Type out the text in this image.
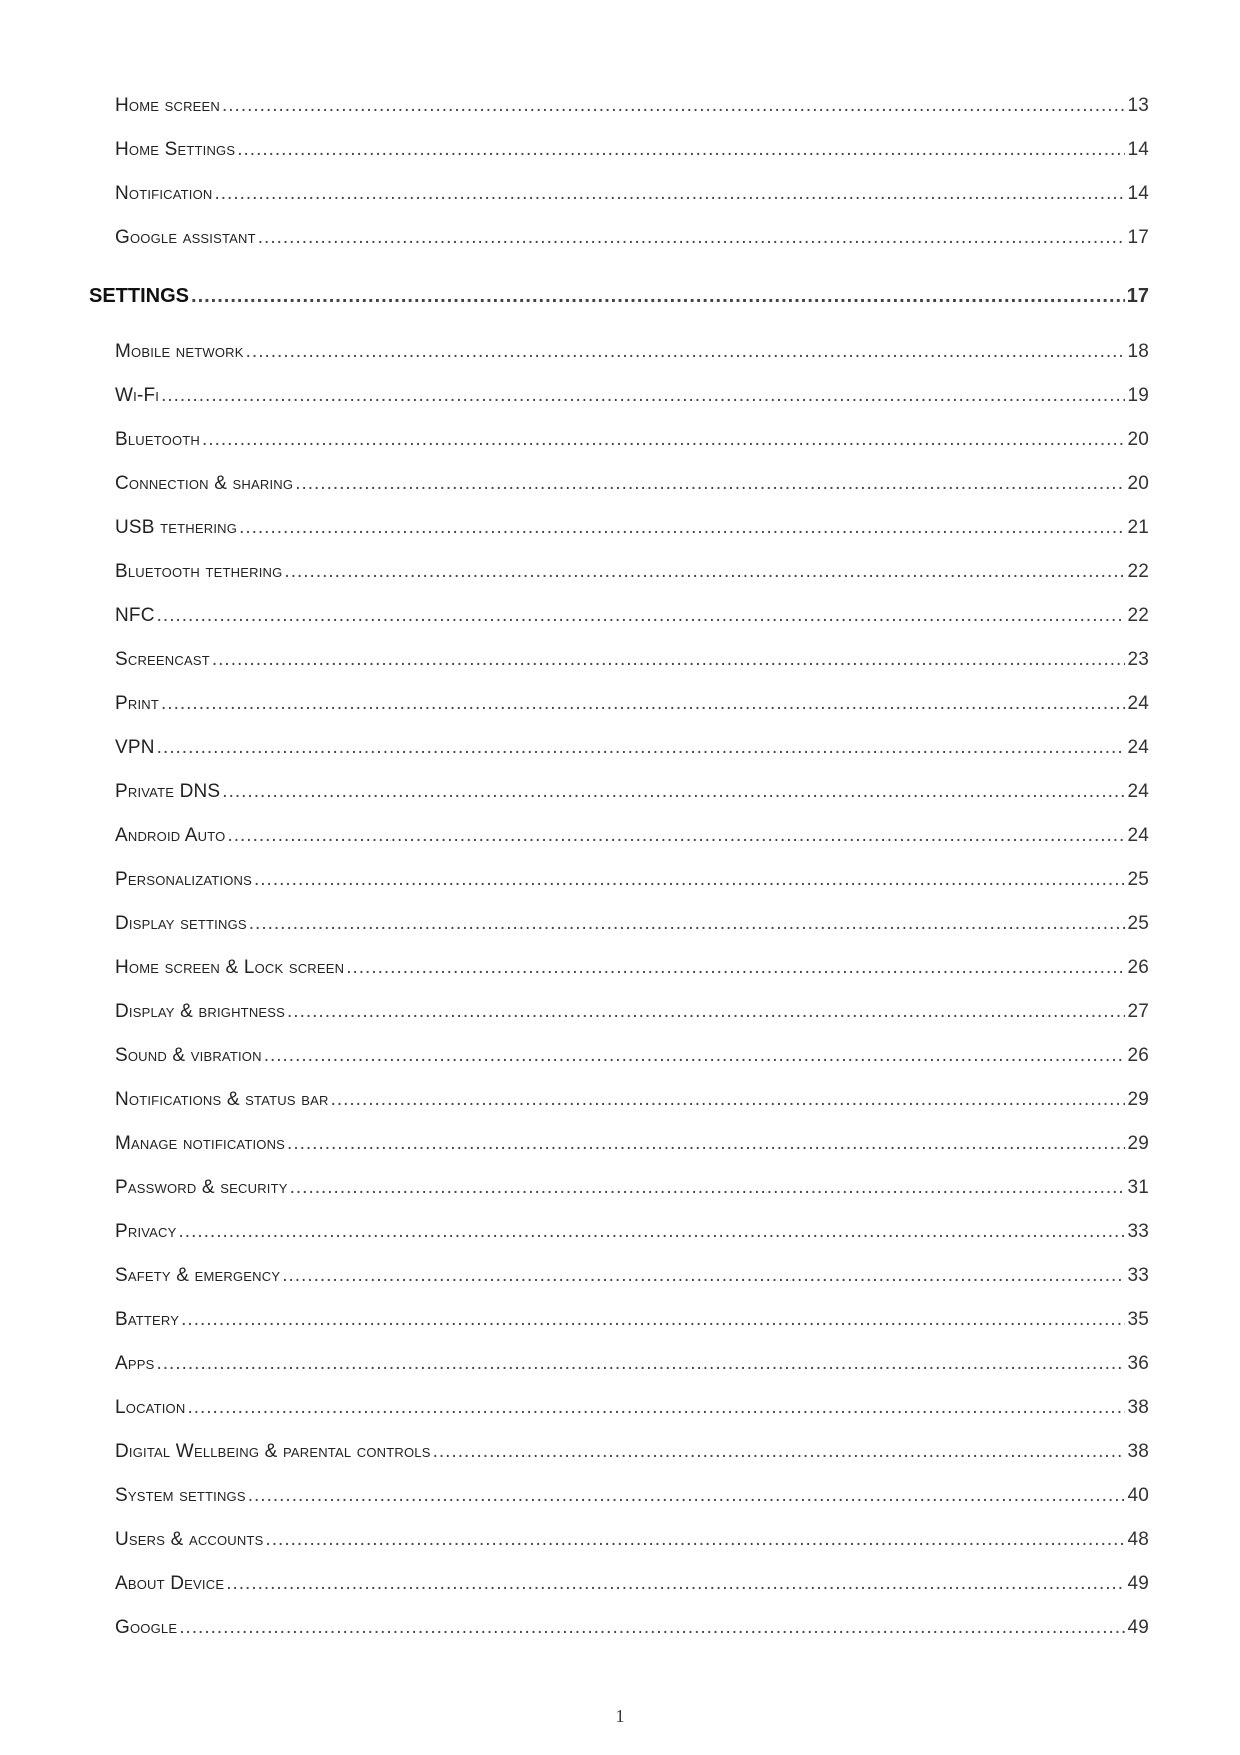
Home screen .....	13
Home Settings .....	14
Notification .....	14
Google assistant .....	17
SETTINGS .....	17
Mobile network .....	18
Wi-Fi .....	19
Bluetooth .....	20
Connection & sharing .....	20
USB tethering .....	21
Bluetooth tethering .....	22
NFC .....	22
Screencast .....	23
Print .....	24
VPN .....	24
Private DNS .....	24
Android Auto .....	24
Personalizations .....	25
Display settings .....	25
Home screen & Lock screen .....	26
Display & brightness .....	27
Sound & vibration .....	26
Notifications & status bar .....	29
Manage notifications .....	29
Password & security .....	31
Privacy .....	33
Safety & emergency .....	33
Battery .....	35
Apps .....	36
Location .....	38
Digital Wellbeing & parental controls .....	38
System settings .....	40
Users & accounts .....	48
About Device .....	49
Google .....	49
1
